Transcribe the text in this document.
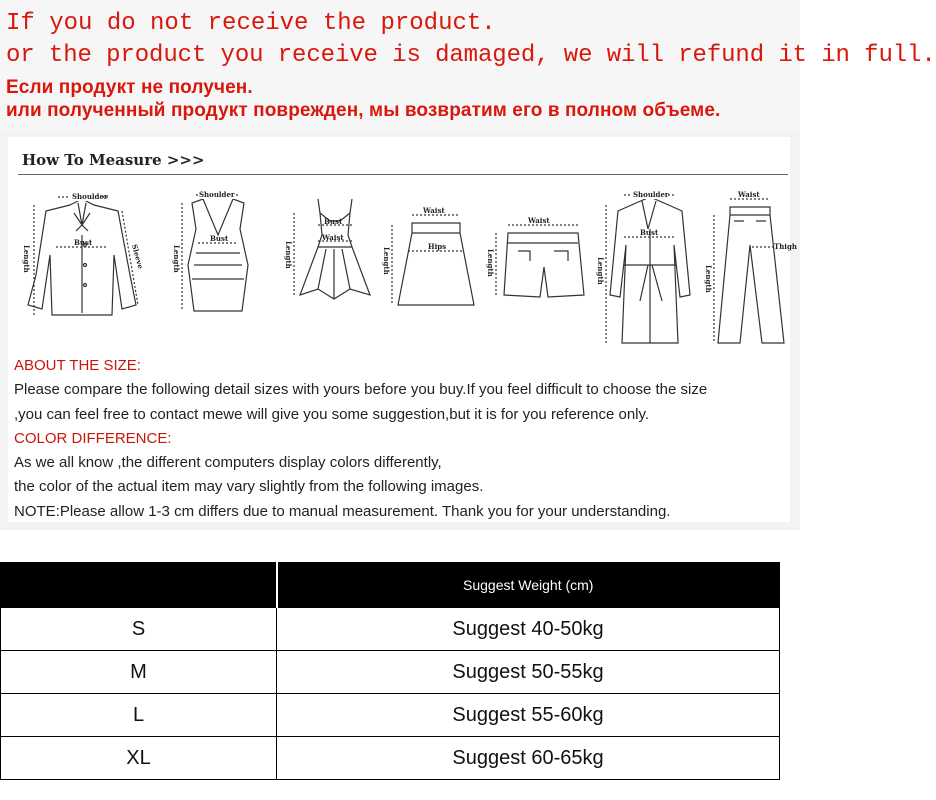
If you do not receive the product.

or the product you receive is damaged, we will refund it in full.

Если продукт не получен.

или полученный продукт поврежден, мы возвратим его в полном объеме.

How To Measure >>>

Shoulder
Bust
Sleeve
Length
Shoulder
Bust
Length
Bust
Waist
Length
Waist
Hips
Length
Waist
Length
Shoulder
Bust
Length
Waist
Thigh
Length

ABOUT THE SIZE:

Please compare the following detail sizes with yours before you buy.If you feel difficult to choose the size

,you can feel free to contact mewe will give you some suggestion,but it is for you reference only.

COLOR DIFFERENCE:

As we all know ,the different computers display colors differently,

the color of the actual item may vary slightly from the following images.

NOTE:Please allow 1-3 cm differs due to manual measurement. Thank you for your understanding.

	Suggest Weight (cm)
S	Suggest 40-50kg
M	Suggest 50-55kg
L	Suggest 55-60kg
XL	Suggest 60-65kg
